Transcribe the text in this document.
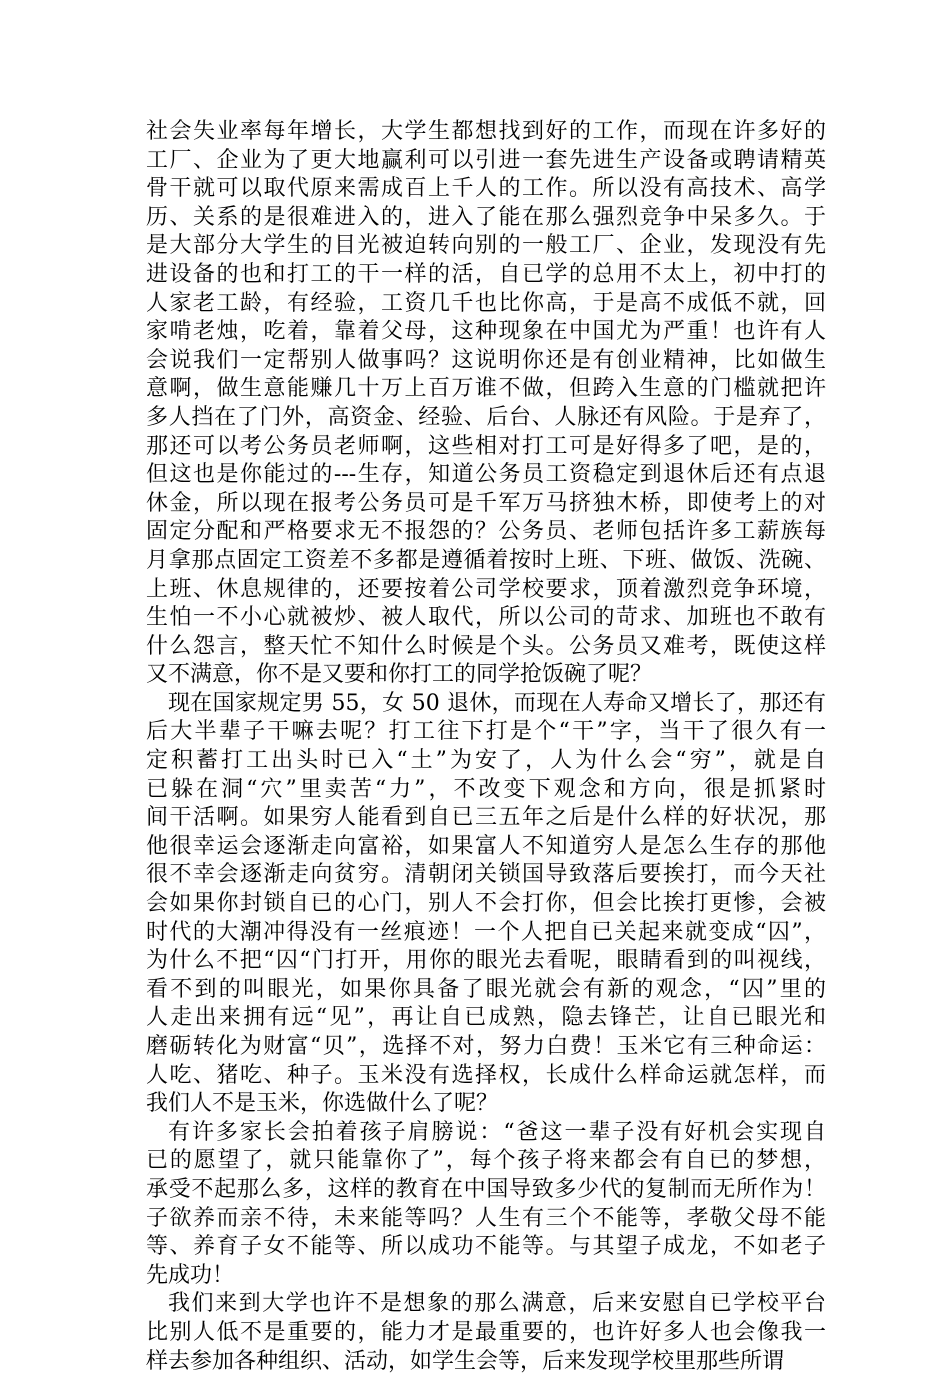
社会失业率每年增长，大学生都想找到好的工作，而现在许多好的
工厂、企业为了更大地赢利可以引进一套先进生产设备或聘请精英
骨干就可以取代原来需成百上千人的工作。所以没有高技术、高学
历、关系的是很难进入的，进入了能在那么强烈竞争中呆多久。于
是大部分大学生的目光被迫转向别的一般工厂、企业，发现没有先
进设备的也和打工的干一样的活，自已学的总用不太上，初中打的
人家老工龄，有经验，工资几千也比你高，于是高不成低不就，回
家啃老烛，吃着，靠着父母，这种现象在中国尤为严重！也许有人
会说我们一定帮别人做事吗？这说明你还是有创业精神，比如做生
意啊，做生意能赚几十万上百万谁不做，但跨入生意的门槛就把许
多人挡在了门外，高资金、经验、后台、人脉还有风险。于是弃了，
那还可以考公务员老师啊，这些相对打工可是好得多了吧，是的，
但这也是你能过的---生存，知道公务员工资稳定到退休后还有点退
休金，所以现在报考公务员可是千军万马挤独木桥，即使考上的对
固定分配和严格要求无不报怨的？公务员、老师包括许多工薪族每
月拿那点固定工资差不多都是遵循着按时上班、下班、做饭、洗碗、
上班、休息规律的，还要按着公司学校要求，顶着激烈竞争环境，
生怕一不小心就被炒、被人取代，所以公司的苛求、加班也不敢有
什么怨言，整天忙不知什么时候是个头。公务员又难考，既使这样
又不满意，你不是又要和你打工的同学抢饭碗了呢？
现在国家规定男 55，女 50 退休，而现在人寿命又增长了，那还有
后大半辈子干嘛去呢？打工往下打是个“干”字，当干了很久有一
定积蓄打工出头时已入“土”为安了，人为什么会“穷”，就是自
已躲在洞“穴”里卖苦“力”，不改变下观念和方向，很是抓紧时
间干活啊。如果穷人能看到自已三五年之后是什么样的好状况，那
他很幸运会逐渐走向富裕，如果富人不知道穷人是怎么生存的那他
很不幸会逐渐走向贫穷。清朝闭关锁国导致落后要挨打，而今天社
会如果你封锁自已的心门，别人不会打你，但会比挨打更惨，会被
时代的大潮冲得没有一丝痕迹！一个人把自已关起来就变成“囚”，
为什么不把“囚“门打开，用你的眼光去看呢，眼睛看到的叫视线，
看不到的叫眼光，如果你具备了眼光就会有新的观念，“囚”里的
人走出来拥有远“见”，再让自已成熟，隐去锋芒，让自已眼光和
磨砺转化为财富“贝”，选择不对，努力白费！玉米它有三种命运：
人吃、猪吃、种子。玉米没有选择权，长成什么样命运就怎样，而
我们人不是玉米，你选做什么了呢？
有许多家长会拍着孩子肩膀说：“爸这一辈子没有好机会实现自
已的愿望了，就只能靠你了”，每个孩子将来都会有自已的梦想，
承受不起那么多，这样的教育在中国导致多少代的复制而无所作为！
子欲养而亲不待，未来能等吗？人生有三个不能等，孝敬父母不能
等、养育子女不能等、所以成功不能等。与其望子成龙，不如老子
先成功！
我们来到大学也许不是想象的那么满意，后来安慰自已学校平台
比别人低不是重要的，能力才是最重要的，也许好多人也会像我一
样去参加各种组织、活动，如学生会等，后来发现学校里那些所谓
